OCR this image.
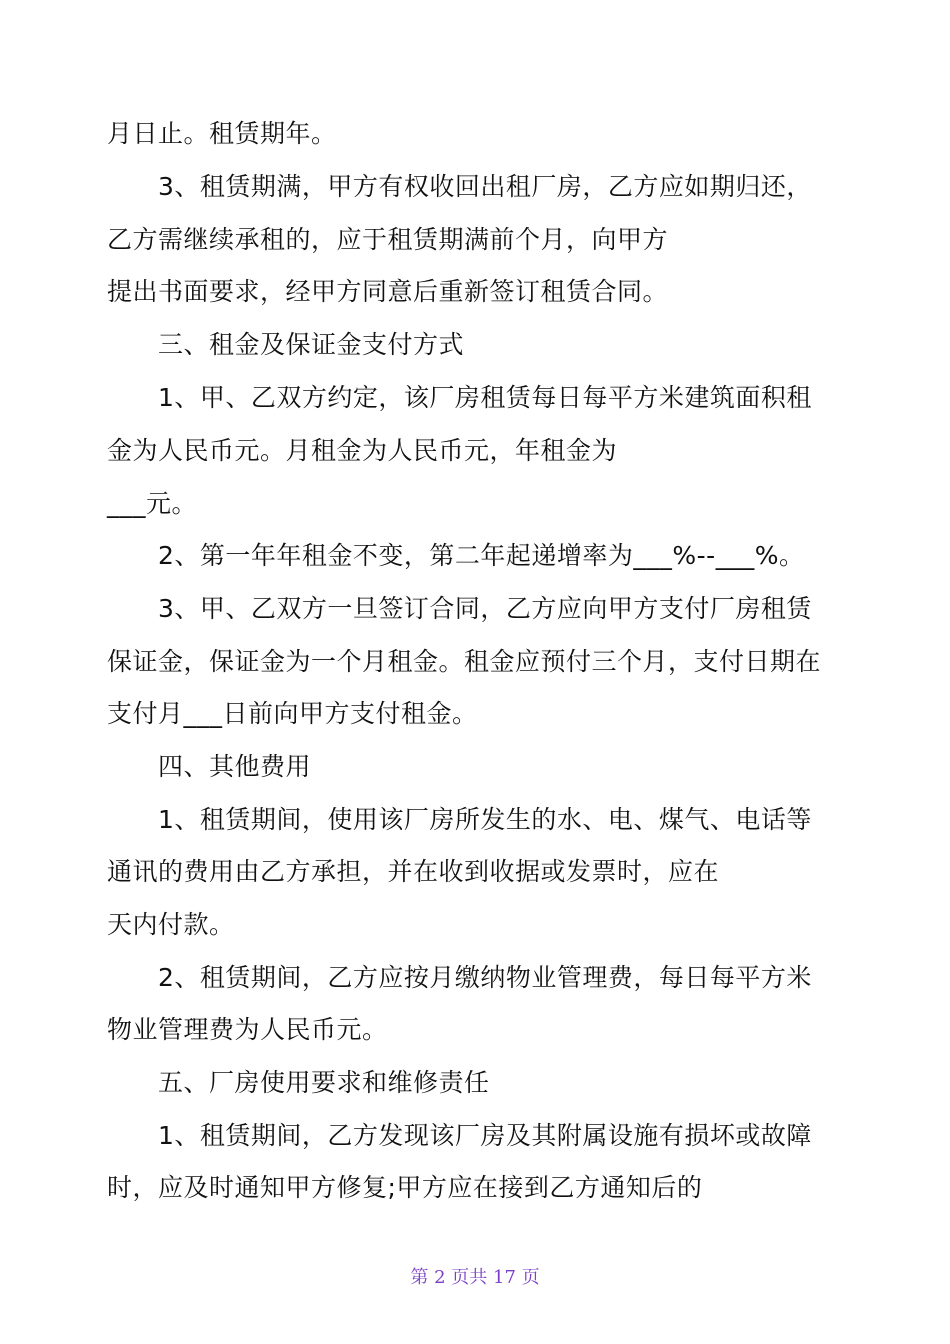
月日止。租赁期年。
　　3、租赁期满，甲方有权收回出租厂房，乙方应如期归还，
乙方需继续承租的，应于租赁期满前个月，向甲方
提出书面要求，经甲方同意后重新签订租赁合同。
　　三、租金及保证金支付方式
　　1、甲、乙双方约定，该厂房租赁每日每平方米建筑面积租
金为人民币元。月租金为人民币元，年租金为
___元。
　　2、第一年年租金不变，第二年起递增率为___%--___%。
　　3、甲、乙双方一旦签订合同，乙方应向甲方支付厂房租赁
保证金，保证金为一个月租金。租金应预付三个月，支付日期在
支付月___日前向甲方支付租金。
　　四、其他费用
　　1、租赁期间，使用该厂房所发生的水、电、煤气、电话等
通讯的费用由乙方承担，并在收到收据或发票时，应在
天内付款。
　　2、租赁期间，乙方应按月缴纳物业管理费，每日每平方米
物业管理费为人民币元。
　　五、厂房使用要求和维修责任
　　1、租赁期间，乙方发现该厂房及其附属设施有损坏或故障
时，应及时通知甲方修复;甲方应在接到乙方通知后的
第 2 页共 17 页
